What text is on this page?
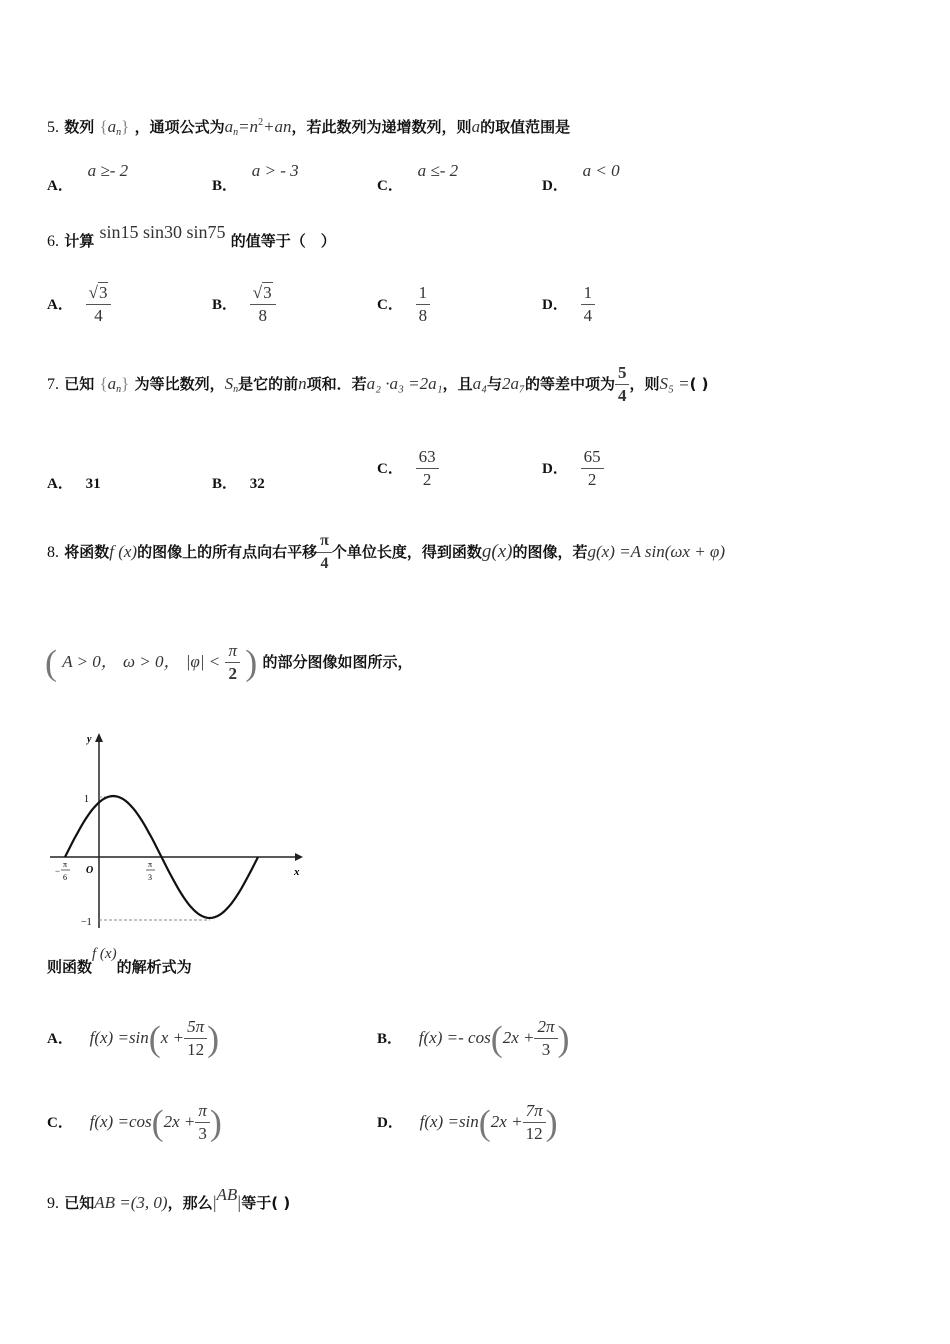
5. 数列 $\{a_n\}$ ，通项公式为$a_n=n^2+an$，若此数列为递增数列，则a的取值范围是
A． a ≥- 2
B． a > - 3
C． a ≤- 2
D． a < 0
6. 计算 sin15 sin30 sin75 的值等于（　）
A． $\frac{√3}{4}$	B． $\frac{√3}{8}$	C． $\frac{1}{8}$	D． $\frac{1}{4}$
7. 已知 $\{a_n\}$ 为等比数列，$S_n$是它的前n项和．若a₂ ·a₃ =2a₁，且a₄与2a₇的等差中项为 $\frac{5}{4}$ ，则S₅ =( )
A． 31	B． 32
C． $\frac{63}{2}$	D． $\frac{65}{2}$
8. 将函数f (x)的图像上的所有点向右平移 $\frac{\pi}{4}$ 个单位长度，得到函数g(x)的图像，若g(x) =A sin(ωx + φ)
( A > 0， ω > 0， $|\varphi| < \frac{\pi}{2}$ ) 的部分图像如图所示，
y
x
O
1
−1
−
π
6
π
3
则函数f (x)的解析式为
A． $f(x) =\sin(x + \frac{5\pi}{12}$ )	B． $f(x) =- \cos(2x + \frac{2\pi}{3}$ )
C． $f(x) =\cos(2x + \frac{\pi}{3}$ )	D． $f(x) =\sin(2x + \frac{7\pi}{12}$ )
9. 已知AB =(3, 0)，那么|AB|等于( )
